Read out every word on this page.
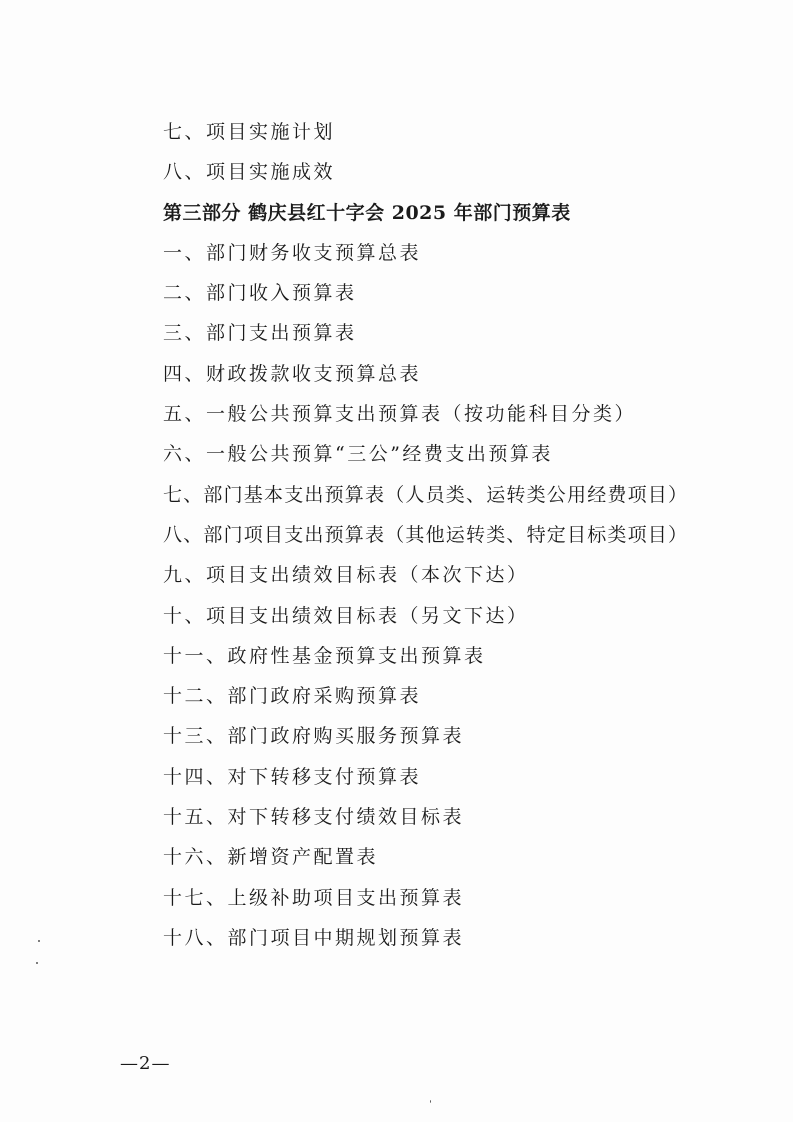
七、项目实施计划
八、项目实施成效
第三部分 鹤庆县红十字会 2025 年部门预算表
一、部门财务收支预算总表
二、部门收入预算表
三、部门支出预算表
四、财政拨款收支预算总表
五、一般公共预算支出预算表（按功能科目分类）
六、一般公共预算“三公”经费支出预算表
七、部门基本支出预算表（人员类、运转类公用经费项目）
八、部门项目支出预算表（其他运转类、特定目标类项目）
九、项目支出绩效目标表（本次下达）
十、项目支出绩效目标表（另文下达）
十一、政府性基金预算支出预算表
十二、部门政府采购预算表
十三、部门政府购买服务预算表
十四、对下转移支付预算表
十五、对下转移支付绩效目标表
十六、新增资产配置表
十七、上级补助项目支出预算表
十八、部门项目中期规划预算表
—2—
